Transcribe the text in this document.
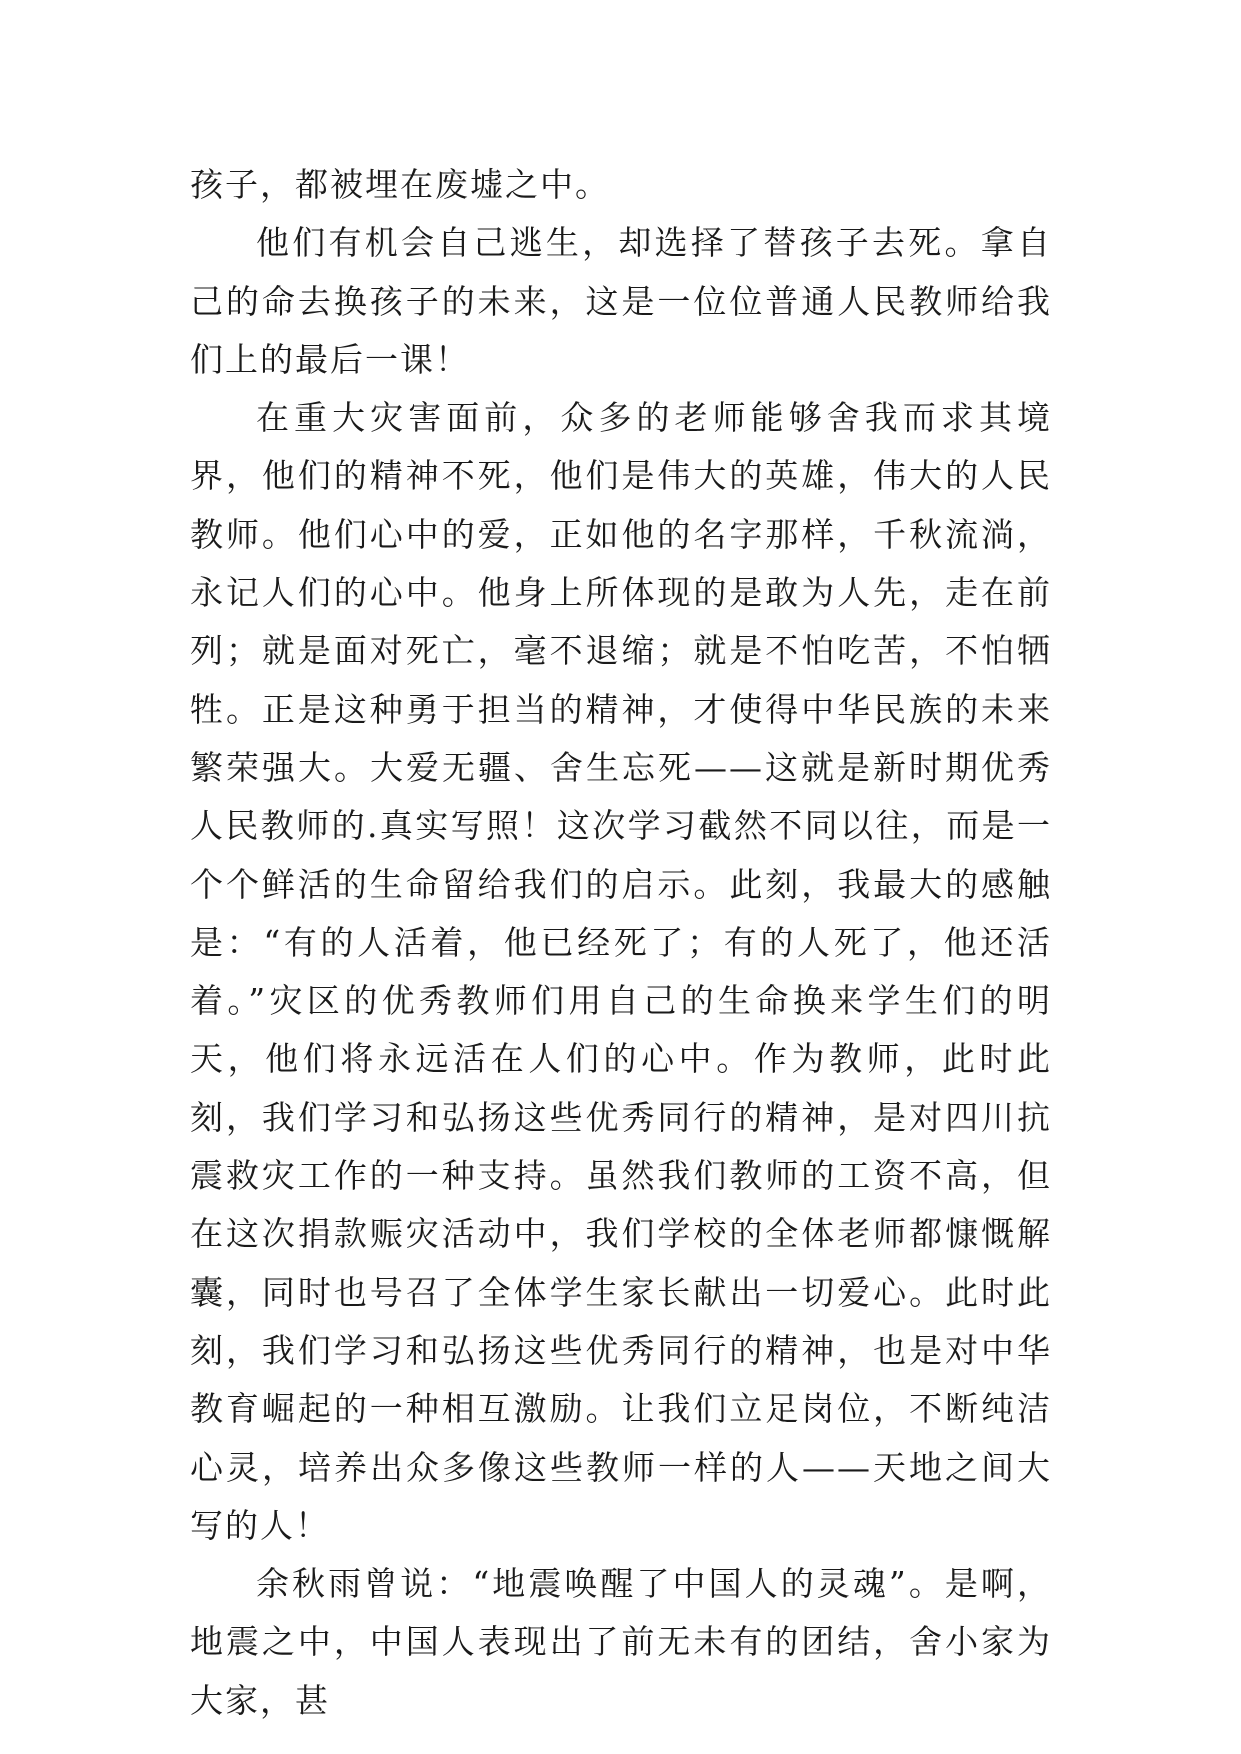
孩子，都被埋在废墟之中。

他们有机会自己逃生，却选择了替孩子去死。拿自己的命去换孩子的未来，这是一位位普通人民教师给我们上的最后一课！

在重大灾害面前，众多的老师能够舍我而求其境界，他们的精神不死，他们是伟大的英雄，伟大的人民教师。他们心中的爱，正如他的名字那样，千秋流淌，永记人们的心中。他身上所体现的是敢为人先，走在前列；就是面对死亡，毫不退缩；就是不怕吃苦，不怕牺牲。正是这种勇于担当的精神，才使得中华民族的未来繁荣强大。大爱无疆、舍生忘死——这就是新时期优秀人民教师的.真实写照！这次学习截然不同以往，而是一个个鲜活的生命留给我们的启示。此刻，我最大的感触是：“有的人活着，他已经死了；有的人死了，他还活着。”灾区的优秀教师们用自己的生命换来学生们的明天，他们将永远活在人们的心中。作为教师，此时此刻，我们学习和弘扬这些优秀同行的精神，是对四川抗震救灾工作的一种支持。虽然我们教师的工资不高，但在这次捐款赈灾活动中，我们学校的全体老师都慷慨解囊，同时也号召了全体学生家长献出一切爱心。此时此刻，我们学习和弘扬这些优秀同行的精神，也是对中华教育崛起的一种相互激励。让我们立足岗位，不断纯洁心灵，培养出众多像这些教师一样的人——天地之间大写的人！

余秋雨曾说：“地震唤醒了中国人的灵魂”。是啊，地震之中，中国人表现出了前无未有的团结，舍小家为大家，甚
